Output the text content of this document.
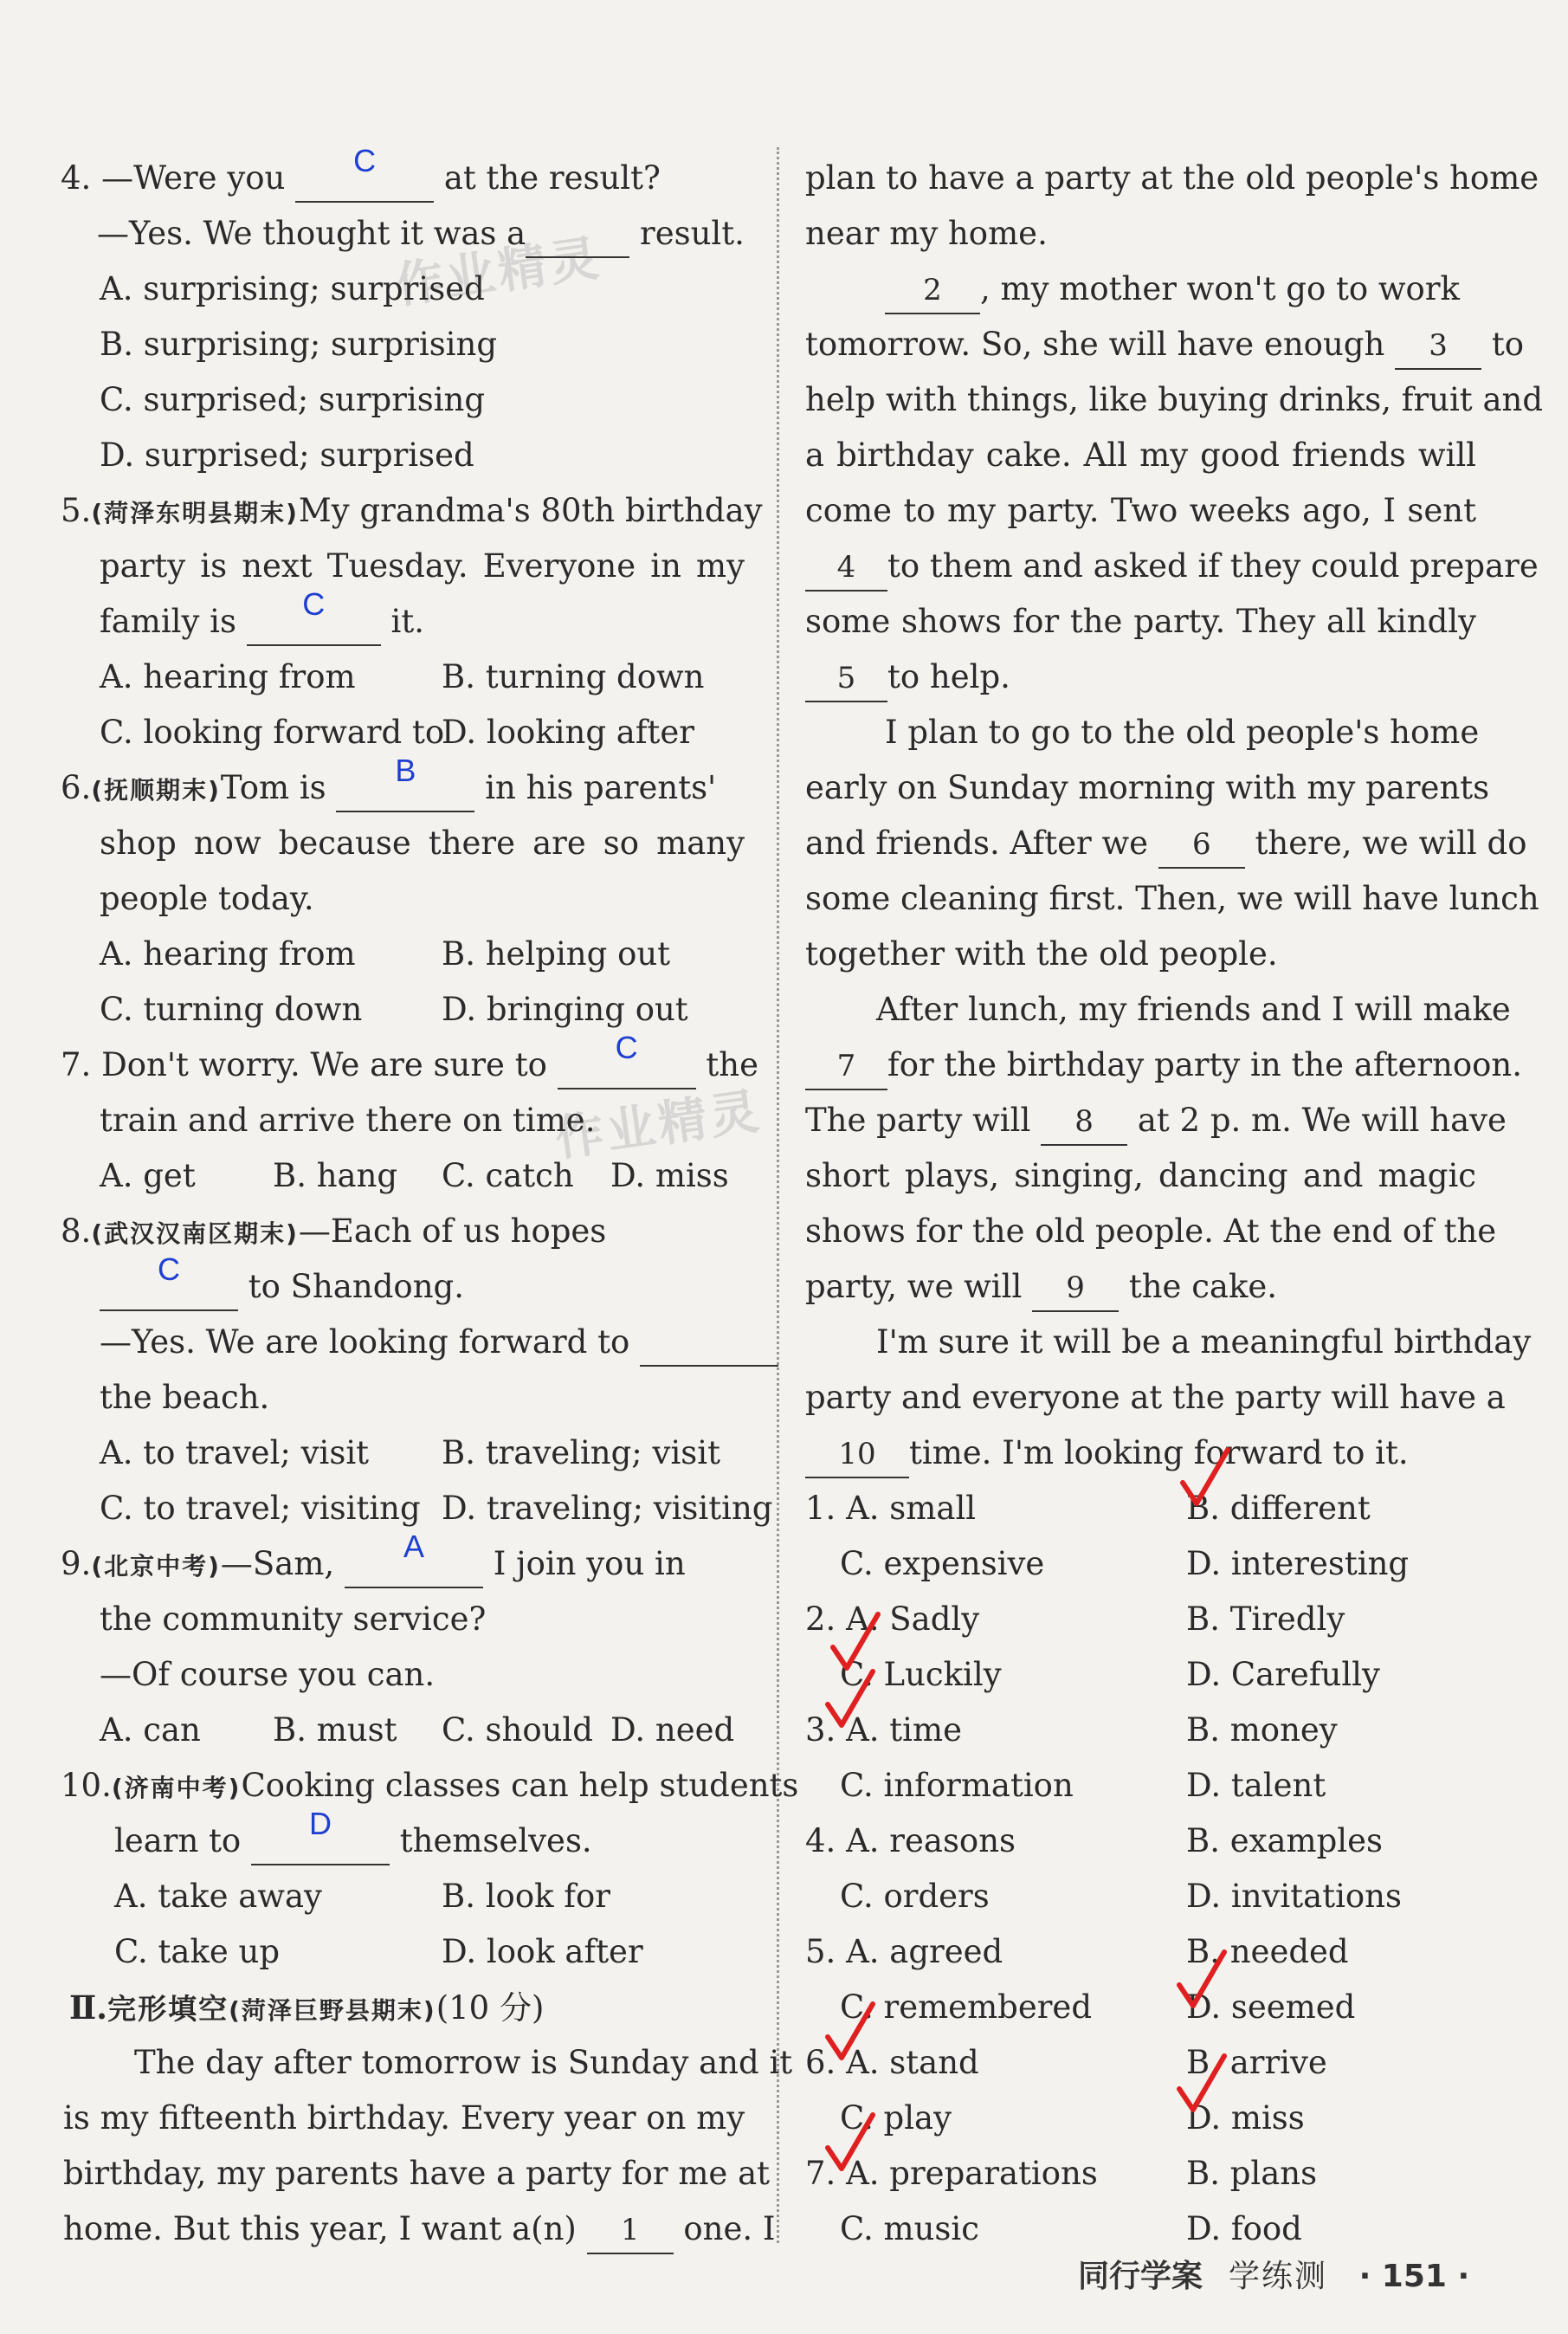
作业精灵
作业精灵
4. —Were you	C	at the result?
—Yes. We thought it was a	result.
A. surprising; surprised
B. surprising; surprising
C. surprised; surprising
D. surprised; surprised
5.(菏泽东明县期末)My grandma's 80th birthday
party is next Tuesday. Everyone in my
family is	C	it.
A. hearing from	B. turning down
C. looking forward to
D. looking after
6.(抚顺期末)Tom is	B	in his parents'
shop now because there are so many
people today.
A. hearing from	B. helping out
C. turning down D. bringing out
7. Don't worry. We are sure to	C	the
train and arrive there on time.
A. get B. hang C. catch D. miss
8.(武汉汉南区期末)—Each of us hopes

C	to Shandong.
—Yes. We are looking forward to
the beach.
A. to travel; visit B. traveling; visit
C. to travel; visiting D. traveling; visiting
9.(北京中考)—Sam,	A	I join you in
the community service?
—Of course you can.
A. can B. must C. should D. need
10.(济南中考)Cooking classes can help students
learn to	D	themselves.
A. take away	B. look for
C. take up	D. look after
Ⅱ.完形填空(菏泽巨野县期末)(10 分)
The day after tomorrow is Sunday and it
is my fifteenth birthday. Every year on my
birthday, my parents have a party for me at
home. But this year, I want a(n) 1 one. I
plan to have a party at the old people's home
near my home.
2 , my mother won't go to work
tomorrow. So, she will have enough 3 to
help with things, like buying drinks, fruit and
a birthday cake. All my good friends will
come to my party. Two weeks ago, I sent
4 to them and asked if they could prepare
some shows for the party. They all kindly
5 to help.
I plan to go to the old people's home
early on Sunday morning with my parents
and friends. After we 6 there, we will do
some cleaning first. Then, we will have lunch
together with the old people.
After lunch, my friends and I will make
7 for the birthday party in the afternoon.
The party will 8 at 2 p. m. We will have
short plays, singing, dancing and magic
shows for the old people. At the end of the
party, we will 9 the cake.
I'm sure it will be a meaningful birthday
party and everyone at the party will have a
10 time. I'm looking forward to it.
1. A. small	B. different
C. expensive	D. interesting
2. A. Sadly	B. Tiredly
C. Luckily	D. Carefully
3. A. time	B. money
C. information	D. talent
4. A. reasons	B. examples
C. orders	D. invitations
5. A. agreed	B. needed
C. remembered	D. seemed
6. A. stand	B. arrive
C. play	D. miss
7. A. preparations	B. plans
C. music	D. food
同行学案 学练测 · 151 ·
